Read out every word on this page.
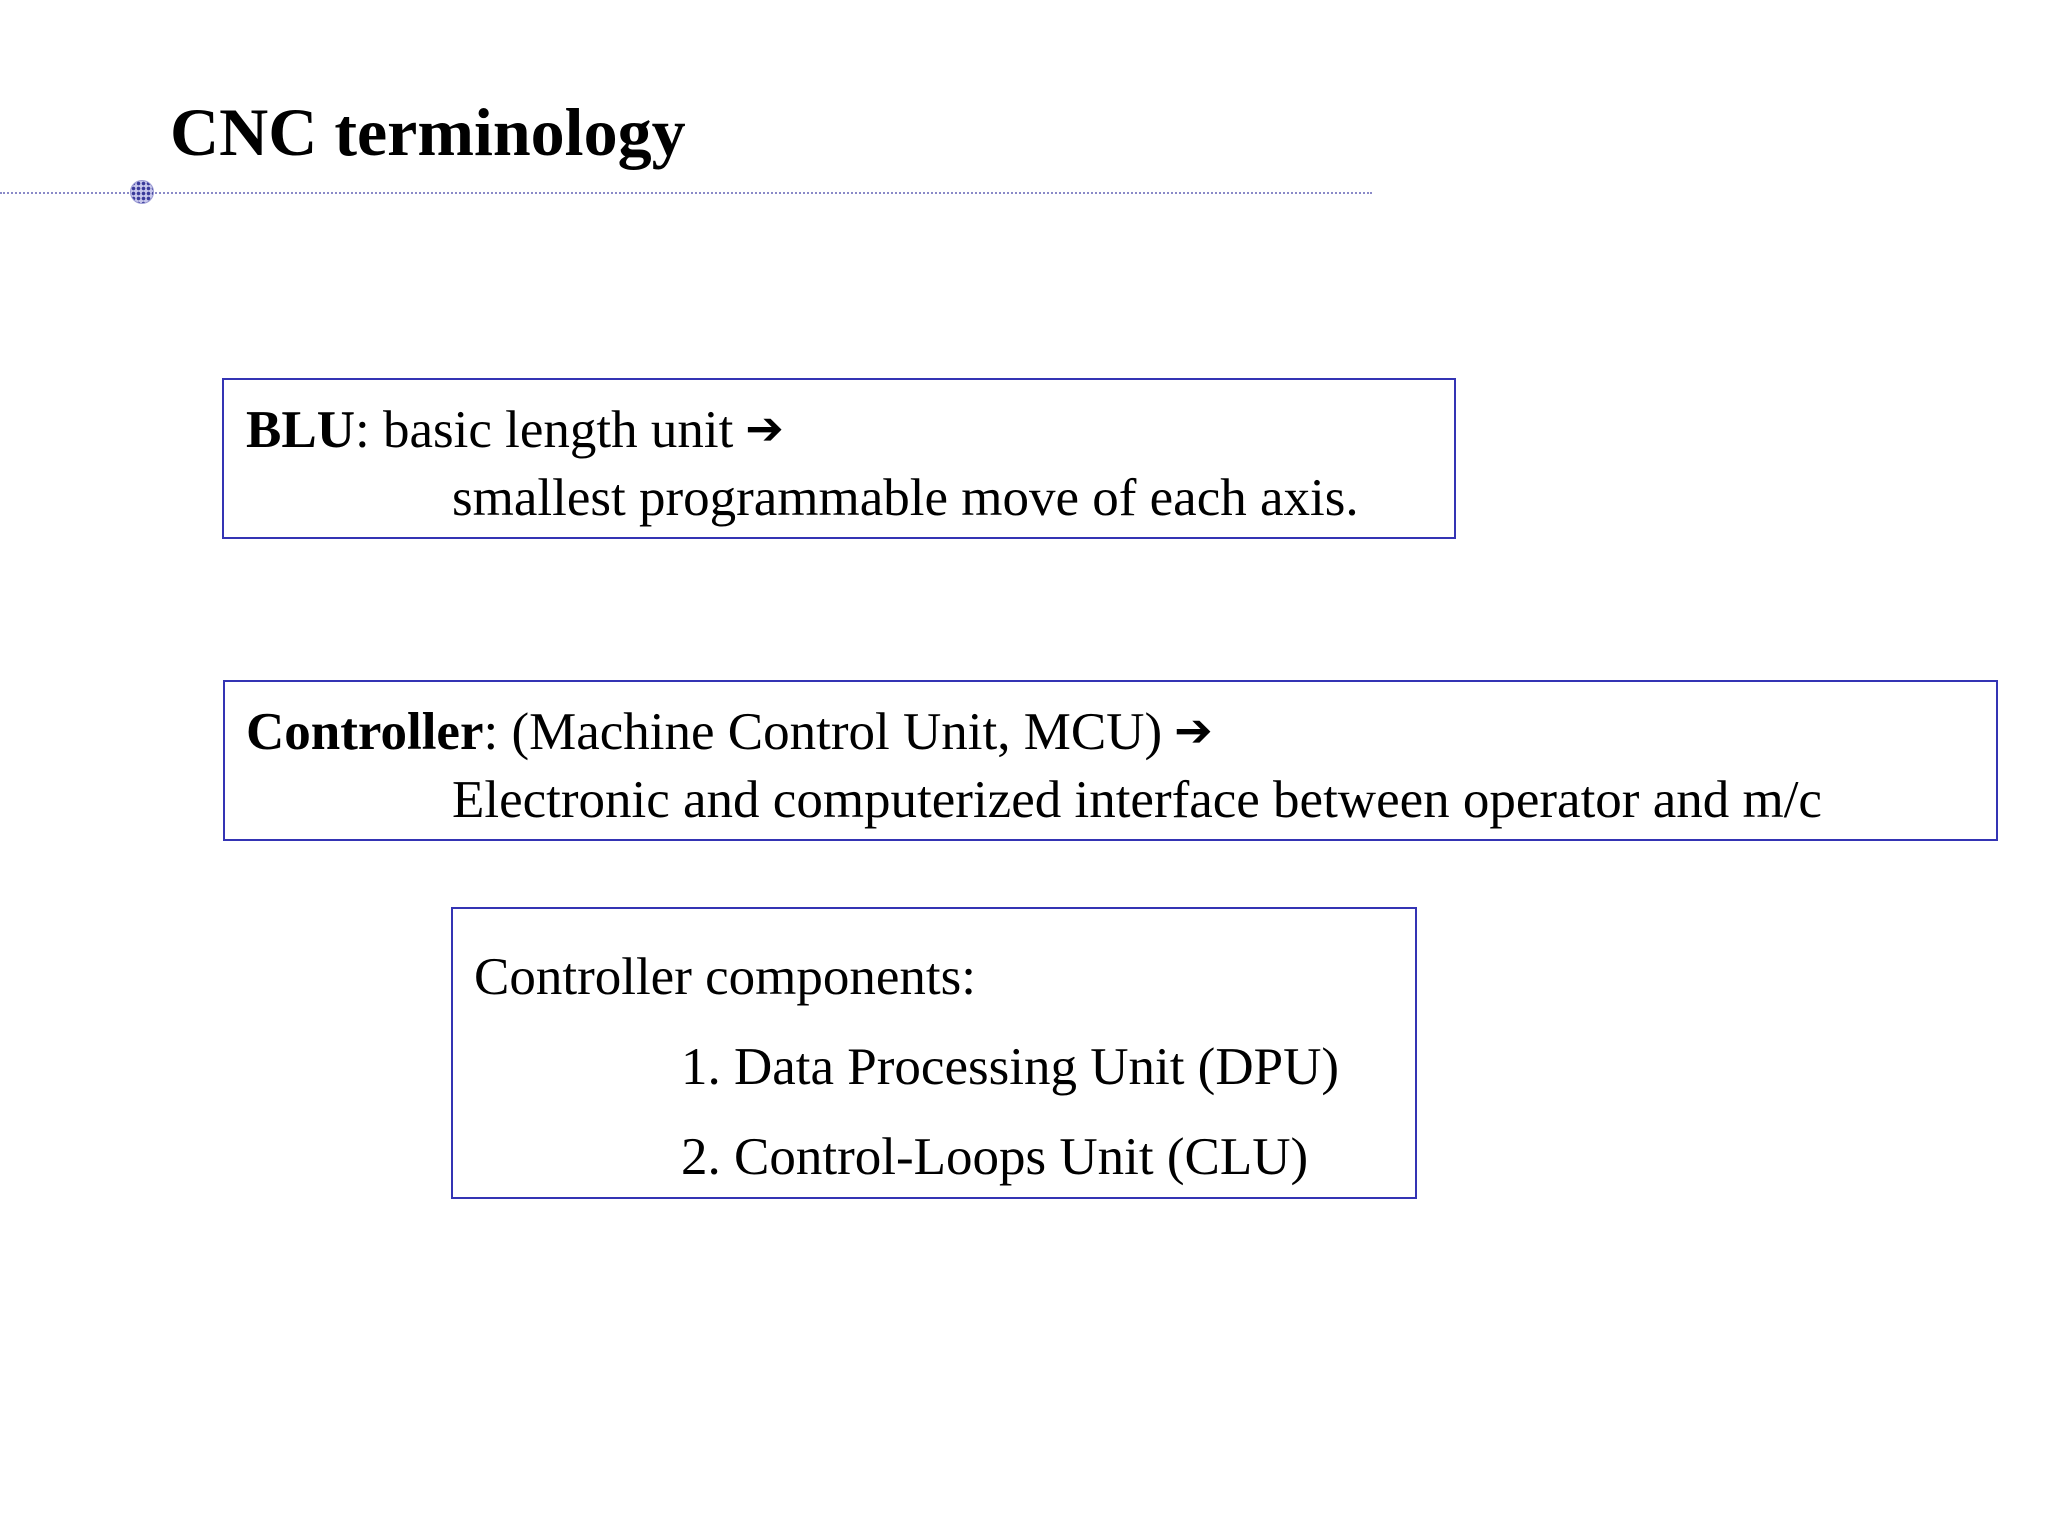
CNC terminology

BLU: basic length unit ➔

smallest programmable move of each axis.

Controller: (Machine Control Unit, MCU) ➔

Electronic and computerized interface between operator and m/c

Controller components:

1. Data Processing Unit (DPU)

2. Control-Loops Unit (CLU)
